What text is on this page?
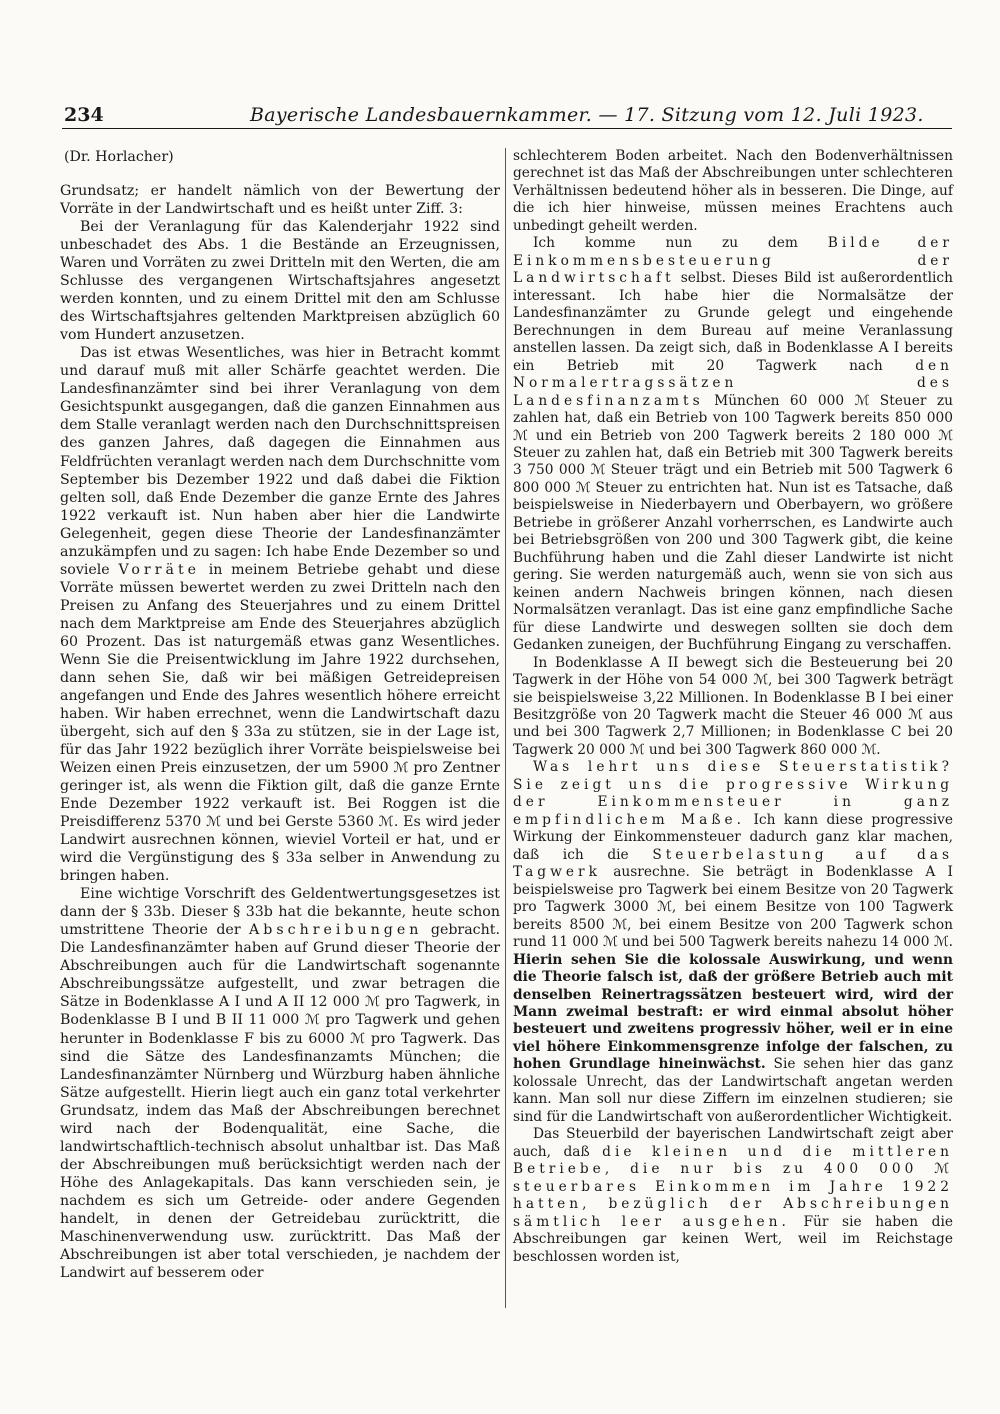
234	Bayerische Landesbauernkammer. — 17. Sitzung vom 12. Juli 1923.

(Dr. Horlacher)

Grundsatz; er handelt nämlich von der Bewertung der Vorräte in der Landwirtschaft und es heißt unter Ziff. 3:

Bei der Veranlagung für das Kalenderjahr 1922 sind unbeschadet des Abs. 1 die Bestände an Erzeugnissen, Waren und Vorräten zu zwei Dritteln mit den Werten, die am Schlusse des vergangenen Wirtschaftsjahres angesetzt werden konnten, und zu einem Drittel mit den am Schlusse des Wirtschaftsjahres geltenden Marktpreisen abzüglich 60 vom Hundert anzusetzen.

Das ist etwas Wesentliches, was hier in Betracht kommt und darauf muß mit aller Schärfe geachtet werden. Die Landesfinanzämter sind bei ihrer Veranlagung von dem Gesichtspunkt ausgegangen, daß die ganzen Einnahmen aus dem Stalle veranlagt werden nach den Durchschnittspreisen des ganzen Jahres, daß dagegen die Einnahmen aus Feldfrüchten veranlagt werden nach dem Durchschnitte vom September bis Dezember 1922 und daß dabei die Fiktion gelten soll, daß Ende Dezember die ganze Ernte des Jahres 1922 verkauft ist. Nun haben aber hier die Landwirte Gelegenheit, gegen diese Theorie der Landesfinanzämter anzukämpfen und zu sagen: Ich habe Ende Dezember so und soviele Vorräte in meinem Betriebe gehabt und diese Vorräte müssen bewertet werden zu zwei Dritteln nach den Preisen zu Anfang des Steuerjahres und zu einem Drittel nach dem Marktpreise am Ende des Steuerjahres abzüglich 60 Prozent. Das ist naturgemäß etwas ganz Wesentliches. Wenn Sie die Preisentwicklung im Jahre 1922 durchsehen, dann sehen Sie, daß wir bei mäßigen Getreidepreisen angefangen und Ende des Jahres wesentlich höhere erreicht haben. Wir haben errechnet, wenn die Landwirtschaft dazu übergeht, sich auf den § 33a zu stützen, sie in der Lage ist, für das Jahr 1922 bezüglich ihrer Vorräte beispielsweise bei Weizen einen Preis einzusetzen, der um 5900 ℳ pro Zentner geringer ist, als wenn die Fiktion gilt, daß die ganze Ernte Ende Dezember 1922 verkauft ist. Bei Roggen ist die Preisdifferenz 5370 ℳ und bei Gerste 5360 ℳ. Es wird jeder Landwirt ausrechnen können, wieviel Vorteil er hat, und er wird die Vergünstigung des § 33a selber in Anwendung zu bringen haben.

Eine wichtige Vorschrift des Geldentwertungsgesetzes ist dann der § 33b. Dieser § 33b hat die bekannte, heute schon umstrittene Theorie der Abschreibungen gebracht. Die Landesfinanzämter haben auf Grund dieser Theorie der Abschreibungen auch für die Landwirtschaft sogenannte Abschreibungssätze aufgestellt, und zwar betragen die Sätze in Bodenklasse A I und A II 12 000 ℳ pro Tagwerk, in Bodenklasse B I und B II 11 000 ℳ pro Tagwerk und gehen herunter in Bodenklasse F bis zu 6000 ℳ pro Tagwerk. Das sind die Sätze des Landesfinanzamts München; die Landesfinanzämter Nürnberg und Würzburg haben ähnliche Sätze aufgestellt. Hierin liegt auch ein ganz total verkehrter Grundsatz, indem das Maß der Abschreibungen berechnet wird nach der Bodenqualität, eine Sache, die landwirtschaftlich-technisch absolut unhaltbar ist. Das Maß der Abschreibungen muß berücksichtigt werden nach der Höhe des Anlagekapitals. Das kann verschieden sein, je nachdem es sich um Getreide- oder andere Gegenden handelt, in denen der Getreidebau zurücktritt, die Maschinenverwendung usw. zurücktritt. Das Maß der Abschreibungen ist aber total verschieden, je nachdem der Landwirt auf besserem oder

schlechterem Boden arbeitet. Nach den Bodenverhältnissen gerechnet ist das Maß der Abschreibungen unter schlechteren Verhältnissen bedeutend höher als in besseren. Die Dinge, auf die ich hier hinweise, müssen meines Erachtens auch unbedingt geheilt werden.

Ich komme nun zu dem Bilde der Einkommensbesteuerung der Landwirtschaft selbst. Dieses Bild ist außerordentlich interessant. Ich habe hier die Normalsätze der Landesfinanzämter zu Grunde gelegt und eingehende Berechnungen in dem Bureau auf meine Veranlassung anstellen lassen. Da zeigt sich, daß in Bodenklasse A I bereits ein Betrieb mit 20 Tagwerk nach den Normalertragssätzen des Landesfinanzamts München 60 000 ℳ Steuer zu zahlen hat, daß ein Betrieb von 100 Tagwerk bereits 850 000 ℳ und ein Betrieb von 200 Tagwerk bereits 2 180 000 ℳ Steuer zu zahlen hat, daß ein Betrieb mit 300 Tagwerk bereits 3 750 000 ℳ Steuer trägt und ein Betrieb mit 500 Tagwerk 6 800 000 ℳ Steuer zu entrichten hat. Nun ist es Tatsache, daß beispielsweise in Niederbayern und Oberbayern, wo größere Betriebe in größerer Anzahl vorherrschen, es Landwirte auch bei Betriebsgrößen von 200 und 300 Tagwerk gibt, die keine Buchführung haben und die Zahl dieser Landwirte ist nicht gering. Sie werden naturgemäß auch, wenn sie von sich aus keinen andern Nachweis bringen können, nach diesen Normalsätzen veranlagt. Das ist eine ganz empfindliche Sache für diese Landwirte und deswegen sollten sie doch dem Gedanken zuneigen, der Buchführung Eingang zu verschaffen.

In Bodenklasse A II bewegt sich die Besteuerung bei 20 Tagwerk in der Höhe von 54 000 ℳ, bei 300 Tagwerk beträgt sie beispielsweise 3,22 Millionen. In Bodenklasse B I bei einer Besitzgröße von 20 Tagwerk macht die Steuer 46 000 ℳ aus und bei 300 Tagwerk 2,7 Millionen; in Bodenklasse C bei 20 Tagwerk 20 000 ℳ und bei 300 Tagwerk 860 000 ℳ.

Was lehrt uns diese Steuerstatistik? Sie zeigt uns die progressive Wirkung der Einkommensteuer in ganz empfindlichem Maße. Ich kann diese progressive Wirkung der Einkommensteuer dadurch ganz klar machen, daß ich die Steuerbelastung auf das Tagwerk ausrechne. Sie beträgt in Bodenklasse A I beispielsweise pro Tagwerk bei einem Besitze von 20 Tagwerk pro Tagwerk 3000 ℳ, bei einem Besitze von 100 Tagwerk bereits 8500 ℳ, bei einem Besitze von 200 Tagwerk schon rund 11 000 ℳ und bei 500 Tagwerk bereits nahezu 14 000 ℳ. Hierin sehen Sie die kolossale Auswirkung, und wenn die Theorie falsch ist, daß der größere Betrieb auch mit denselben Reinertragssätzen besteuert wird, wird der Mann zweimal bestraft: er wird einmal absolut höher besteuert und zweitens progressiv höher, weil er in eine viel höhere Einkommensgrenze infolge der falschen, zu hohen Grundlage hineinwächst. Sie sehen hier das ganz kolossale Unrecht, das der Landwirtschaft angetan werden kann. Man soll nur diese Ziffern im einzelnen studieren; sie sind für die Landwirtschaft von außerordentlicher Wichtigkeit.

Das Steuerbild der bayerischen Landwirtschaft zeigt aber auch, daß die kleinen und die mittleren Betriebe, die nur bis zu 400 000 ℳ steuerbares Einkommen im Jahre 1922 hatten, bezüglich der Abschreibungen sämtlich leer ausgehen. Für sie haben die Abschreibungen gar keinen Wert, weil im Reichstage beschlossen worden ist,
